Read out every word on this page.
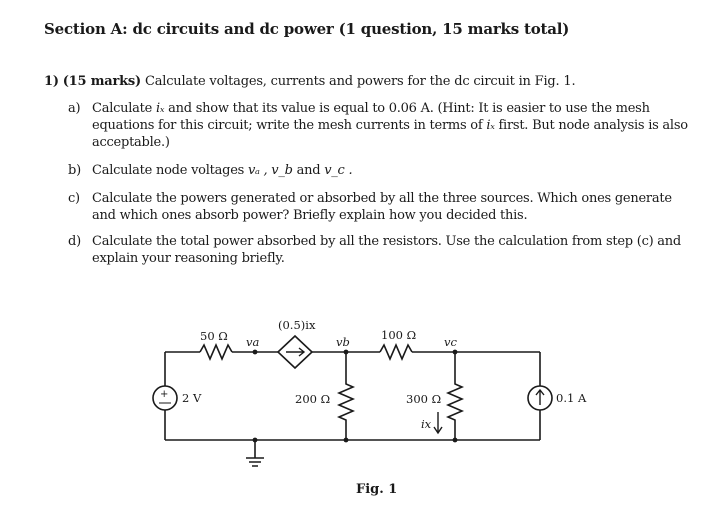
Section A: dc circuits and dc power (1 question, 15 marks total)
1) (15 marks) Calculate voltages, currents and powers for the dc circuit in Fig. 1.
a) Calculate iₓ and show that its value is equal to 0.06 A. (Hint: It is easier to use the mesh equations for this circuit; write the mesh currents in terms of iₓ first. But node analysis is also acceptable.)
b) Calculate node voltages vₐ , v_b and v_c .
c) Calculate the powers generated or absorbed by all the three sources. Which ones generate and which ones absorb power? Briefly explain how you decided this.
d) Calculate the total power absorbed by all the resistors. Use the calculation from step (c) and explain your reasoning briefly.
+
50 Ω va
(0.5)ix
vb	100 Ω vc
2 V	200 Ω	300 Ω
ix
0.1 A
Fig. 1
